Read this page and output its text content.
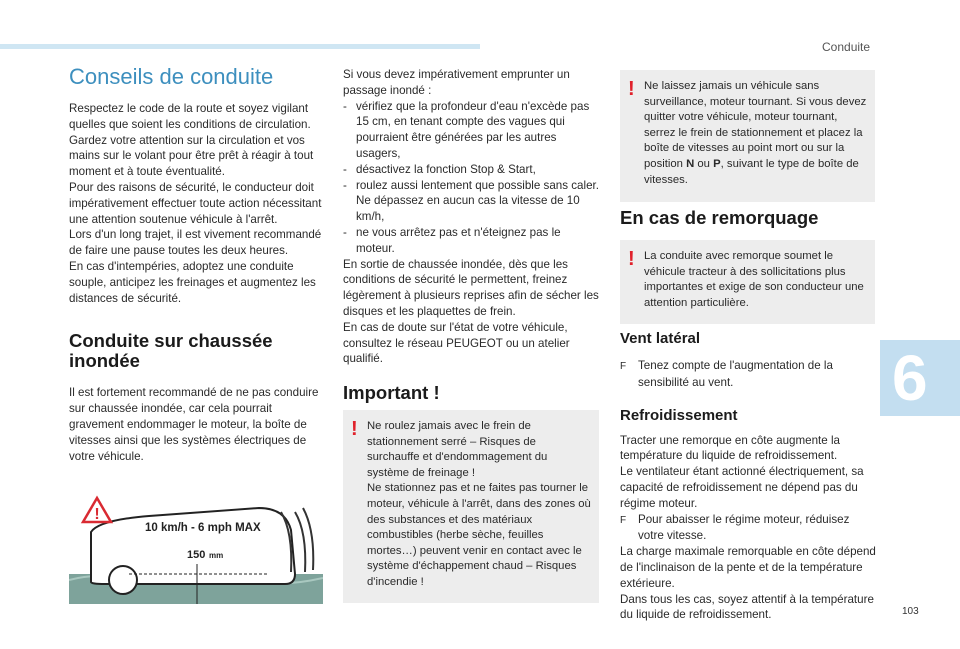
Conduite
6
103
Conseils de conduite

Respectez le code de la route et soyez vigilant quelles que soient les conditions de circulation.

Gardez votre attention sur la circulation et vos mains sur le volant pour être prêt à réagir à tout moment et à toute éventualité.

Pour des raisons de sécurité, le conducteur doit impérativement effectuer toute action nécessitant une attention soutenue véhicule à l'arrêt.

Lors d'un long trajet, il est vivement recommandé de faire une pause toutes les deux heures.

En cas d'intempéries, adoptez une conduite souple, anticipez les freinages et augmentez les distances de sécurité.

Conduite sur chaussée
inondée

Il est fortement recommandé de ne pas conduire sur chaussée inondée, car cela pourrait gravement endommager le moteur, la boîte de vitesses ainsi que les systèmes électriques de votre véhicule.

!
10 km/h - 6 mph MAX
150 mm

Si vous devez impérativement emprunter un passage inondé :

- vérifiez que la profondeur d'eau n'excède pas 15 cm, en tenant compte des vagues qui pourraient être générées par les autres usagers,

- désactivez la fonction Stop & Start,

- roulez aussi lentement que possible sans caler. Ne dépassez en aucun cas la vitesse de 10 km/h,

- ne vous arrêtez pas et n'éteignez pas le moteur.

En sortie de chaussée inondée, dès que les conditions de sécurité le permettent, freinez légèrement à plusieurs reprises afin de sécher les disques et les plaquettes de frein.

En cas de doute sur l'état de votre véhicule, consultez le réseau PEUGEOT ou un atelier qualifié.

Important !
! Ne roulez jamais avec le frein de stationnement serré – Risques de surchauffe et d'endommagement du système de freinage !

Ne stationnez pas et ne faites pas tourner le moteur, véhicule à l'arrêt, dans des zones où des substances et des matériaux combustibles (herbe sèche, feuilles mortes…) peuvent venir en contact avec le système d'échappement chaud – Risques d'incendie !

! Ne laissez jamais un véhicule sans surveillance, moteur tournant. Si vous devez quitter votre véhicule, moteur tournant, serrez le frein de stationnement et placez la boîte de vitesses au point mort ou sur la position N ou P, suivant le type de boîte de vitesses.
En cas de remorquage
! La conduite avec remorque soumet le véhicule tracteur à des sollicitations plus importantes et exige de son conducteur une attention particulière.
Vent latéral

F Tenez compte de l'augmentation de la sensibilité au vent.

Refroidissement

Tracter une remorque en côte augmente la température du liquide de refroidissement.

Le ventilateur étant actionné électriquement, sa capacité de refroidissement ne dépend pas du régime moteur.

F Pour abaisser le régime moteur, réduisez votre vitesse.

La charge maximale remorquable en côte dépend de l'inclinaison de la pente et de la température extérieure.

Dans tous les cas, soyez attentif à la température du liquide de refroidissement.
